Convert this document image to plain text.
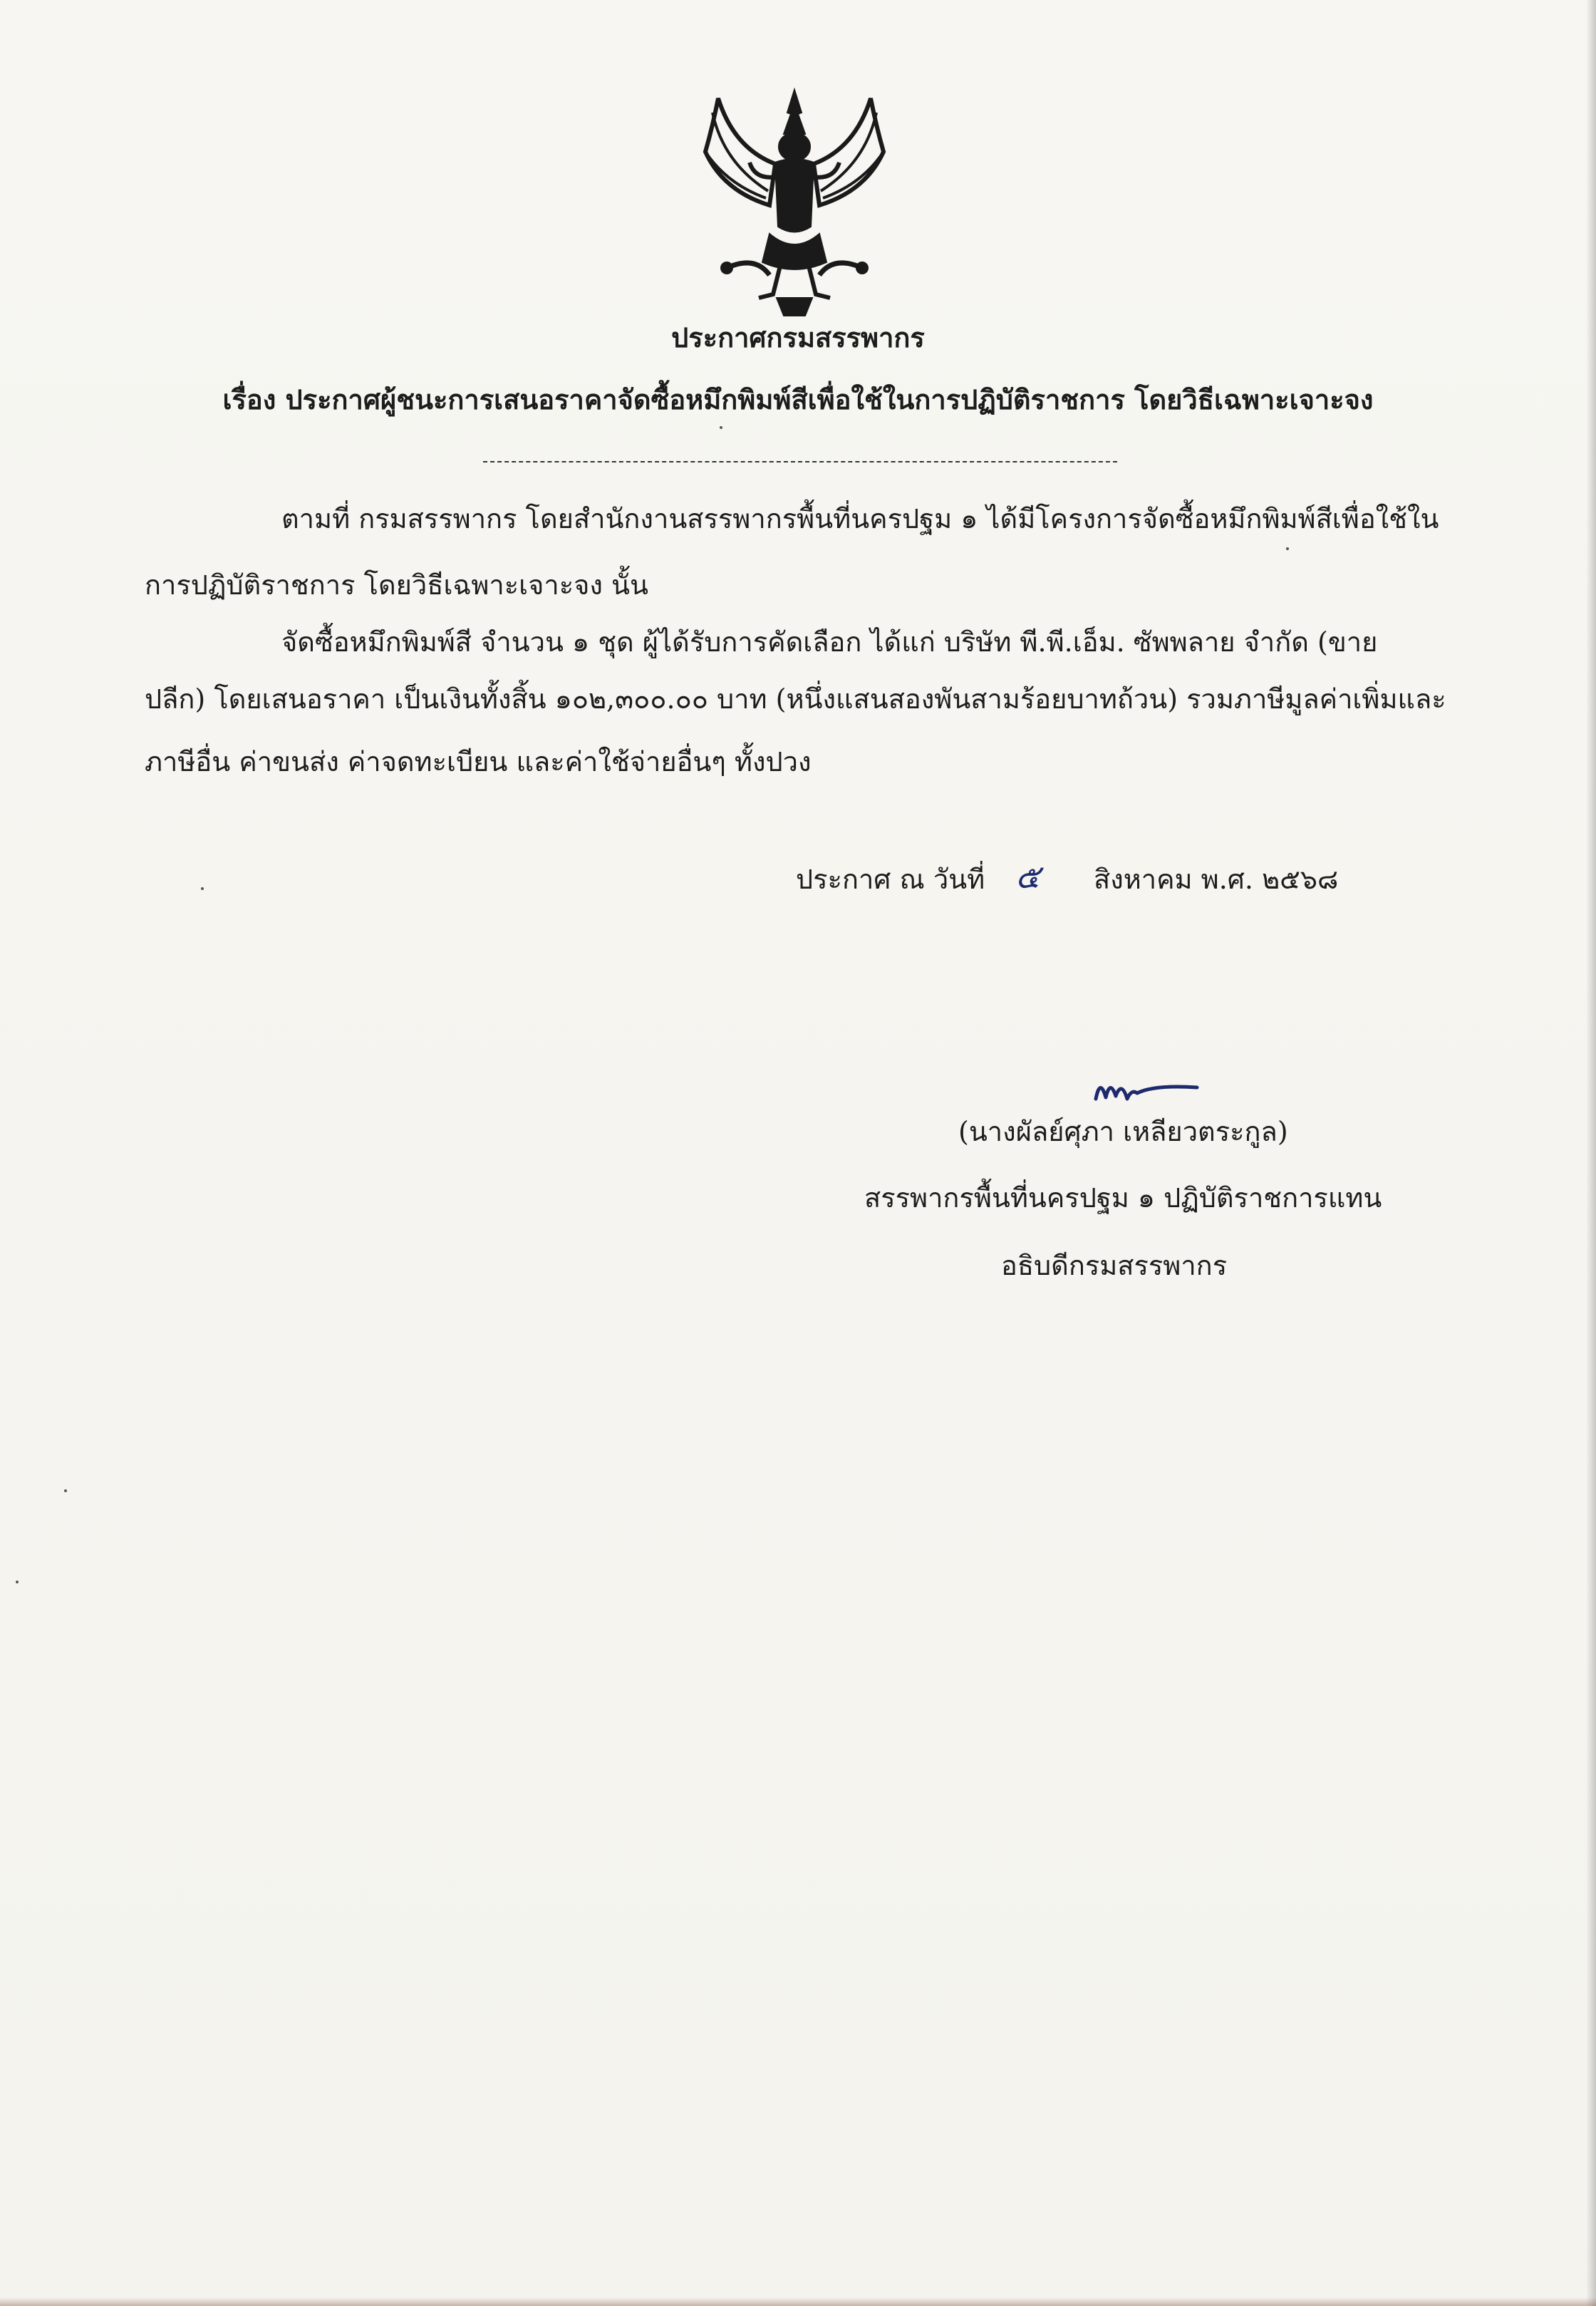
ประกาศกรมสรรพากร
เรื่อง ประกาศผู้ชนะการเสนอราคาจัดซื้อหมึกพิมพ์สีเพื่อใช้ในการปฏิบัติราชการ โดยวิธีเฉพาะเจาะจง
ตามที่ กรมสรรพากร โดยสำนักงานสรรพากรพื้นที่นครปฐม ๑ ได้มีโครงการจัดซื้อหมึกพิมพ์สีเพื่อใช้ใน
การปฏิบัติราชการ โดยวิธีเฉพาะเจาะจง นั้น
จัดซื้อหมึกพิมพ์สี จำนวน ๑ ชุด ผู้ได้รับการคัดเลือก ได้แก่ บริษัท พี.พี.เอ็ม. ซัพพลาย จำกัด (ขาย
ปลีก) โดยเสนอราคา เป็นเงินทั้งสิ้น ๑๐๒,๓๐๐.๐๐ บาท (หนึ่งแสนสองพันสามร้อยบาทถ้วน) รวมภาษีมูลค่าเพิ่มและ
ภาษีอื่น ค่าขนส่ง ค่าจดทะเบียน และค่าใช้จ่ายอื่นๆ ทั้งปวง
ประกาศ ณ วันที่ ๕ สิงหาคม พ.ศ. ๒๕๖๘
(นางผัลย์ศุภา เหลียวตระกูล)
สรรพากรพื้นที่นครปฐม ๑ ปฏิบัติราชการแทน
อธิบดีกรมสรรพากร
